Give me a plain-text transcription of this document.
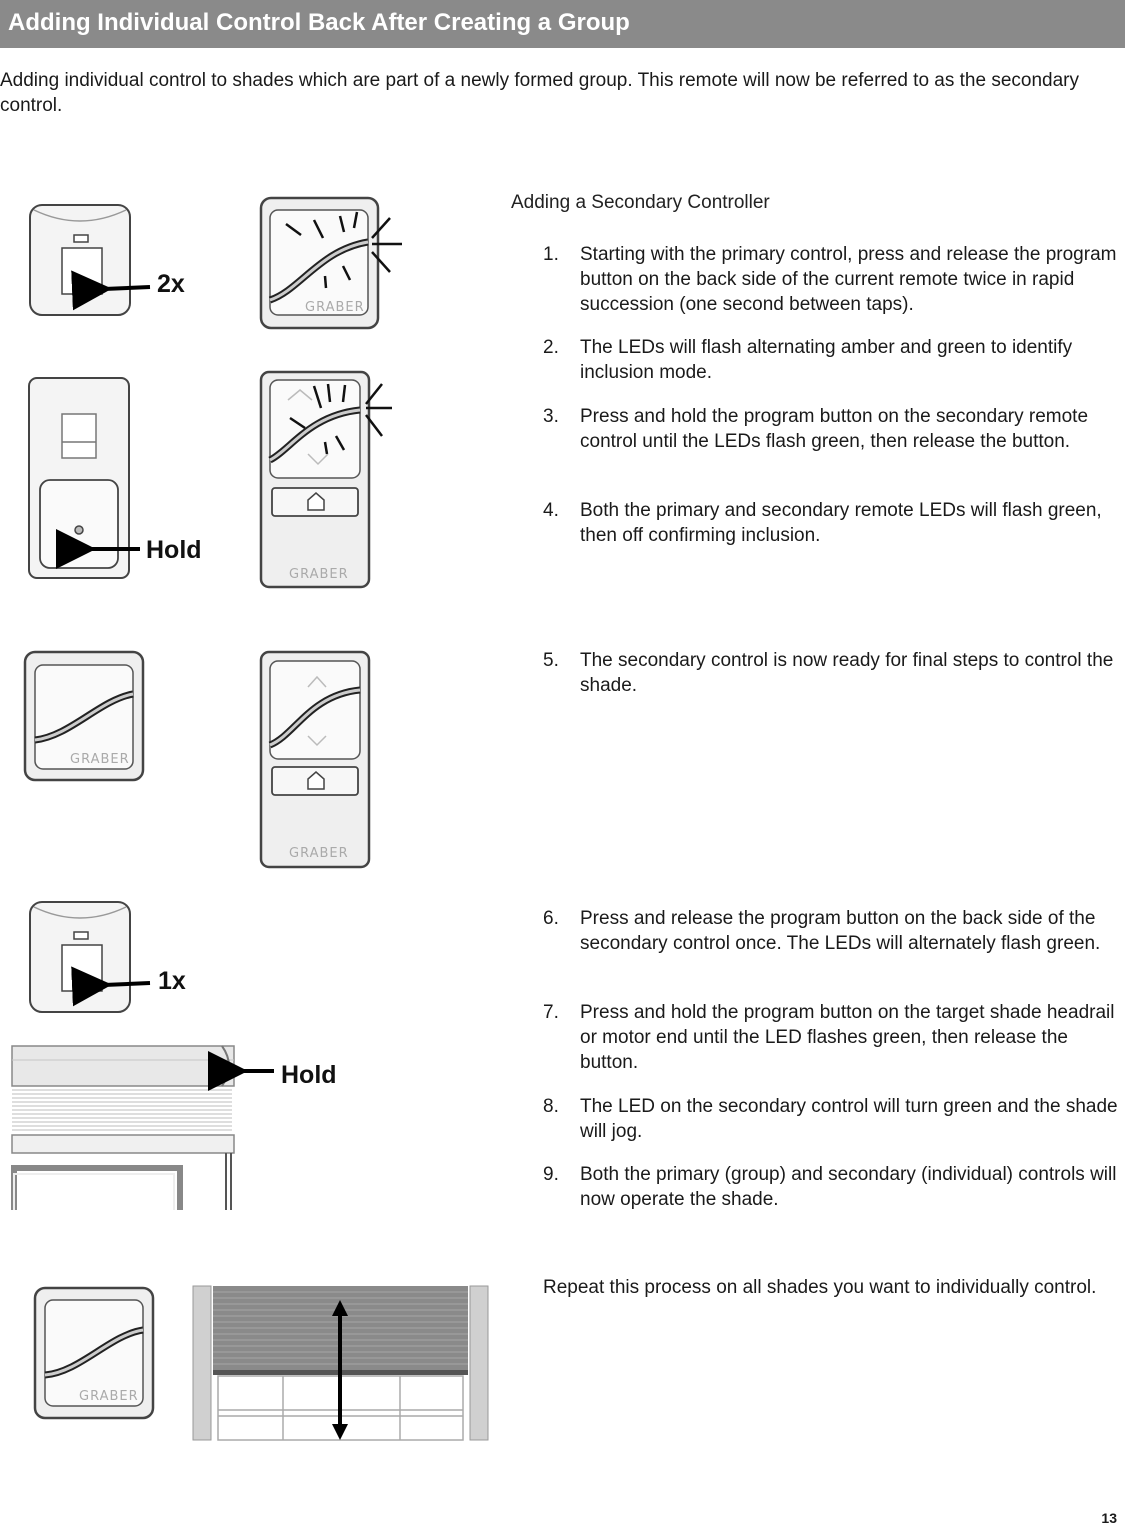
Adding Individual Control Back After Creating a Group
Adding individual control to shades which are part of a newly formed group. This remote will now be referred to as the secondary control.
Adding a Secondary Controller
1.	Starting with the primary control, press and release the program button on the back side of the current remote twice in rapid succession (one second between taps).
2.	The LEDs will flash alternating amber and green to identify inclusion mode.
3.	Press and hold the program button on the secondary remote control until the LEDs flash green, then release the button.
4.	Both the primary and secondary remote LEDs will flash green, then off confirming inclusion.
5.	The secondary control is now ready for final steps to control the shade.
6.	Press and release the program button on the back side of the secondary control once. The LEDs will alternately flash green.
7.	Press and hold the program button on the target shade headrail or motor end until the LED flashes green, then release the button.
8.	The LED on the secondary control will turn green and the shade will jog.
9.	Both the primary (group) and secondary (individual) controls will now operate the shade.
Repeat this process on all shades you want to individually control.
2x
Hold
1x
Hold
GRABER
GRABER
GRABER
GRABER
GRABER
13
